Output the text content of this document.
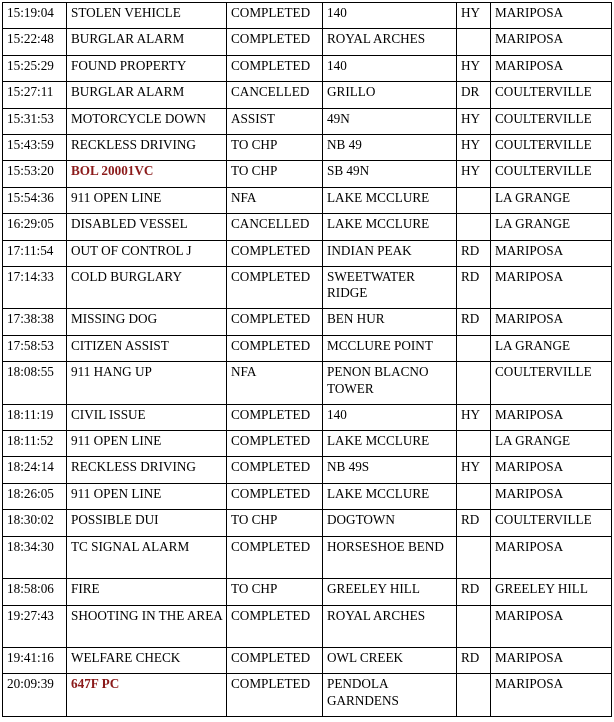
15:19:04	STOLEN VEHICLE	COMPLETED	140	HY	MARIPOSA
15:22:48	BURGLAR ALARM	COMPLETED	ROYAL ARCHES		MARIPOSA
15:25:29	FOUND PROPERTY	COMPLETED	140	HY	MARIPOSA
15:27:11	BURGLAR ALARM	CANCELLED	GRILLO	DR	COULTERVILLE
15:31:53	MOTORCYCLE DOWN	ASSIST	49N	HY	COULTERVILLE
15:43:59	RECKLESS DRIVING	TO CHP	NB 49	HY	COULTERVILLE
15:53:20	BOL 20001VC	TO CHP	SB 49N	HY	COULTERVILLE
15:54:36	911 OPEN LINE	NFA	LAKE MCCLURE		LA GRANGE
16:29:05	DISABLED VESSEL	CANCELLED	LAKE MCCLURE		LA GRANGE
17:11:54	OUT OF CONTROL J	COMPLETED	INDIAN PEAK	RD	MARIPOSA
17:14:33	COLD BURGLARY	COMPLETED	SWEETWATER RIDGE	RD	MARIPOSA
17:38:38	MISSING DOG	COMPLETED	BEN HUR	RD	MARIPOSA
17:58:53	CITIZEN ASSIST	COMPLETED	MCCLURE POINT		LA GRANGE
18:08:55	911 HANG UP	NFA	PENON BLACNO TOWER		COULTERVILLE
18:11:19	CIVIL ISSUE	COMPLETED	140	HY	MARIPOSA
18:11:52	911 OPEN LINE	COMPLETED	LAKE MCCLURE		LA GRANGE
18:24:14	RECKLESS DRIVING	COMPLETED	NB 49S	HY	MARIPOSA
18:26:05	911 OPEN LINE	COMPLETED	LAKE MCCLURE		MARIPOSA
18:30:02	POSSIBLE DUI	TO CHP	DOGTOWN	RD	COULTERVILLE
18:34:30	TC SIGNAL ALARM	COMPLETED	HORSESHOE BEND		MARIPOSA
18:58:06	FIRE	TO CHP	GREELEY HILL	RD	GREELEY HILL
19:27:43	SHOOTING IN THE AREA	COMPLETED	ROYAL ARCHES		MARIPOSA
19:41:16	WELFARE CHECK	COMPLETED	OWL CREEK	RD	MARIPOSA
20:09:39	647F PC	COMPLETED	PENDOLA GARNDENS		MARIPOSA
